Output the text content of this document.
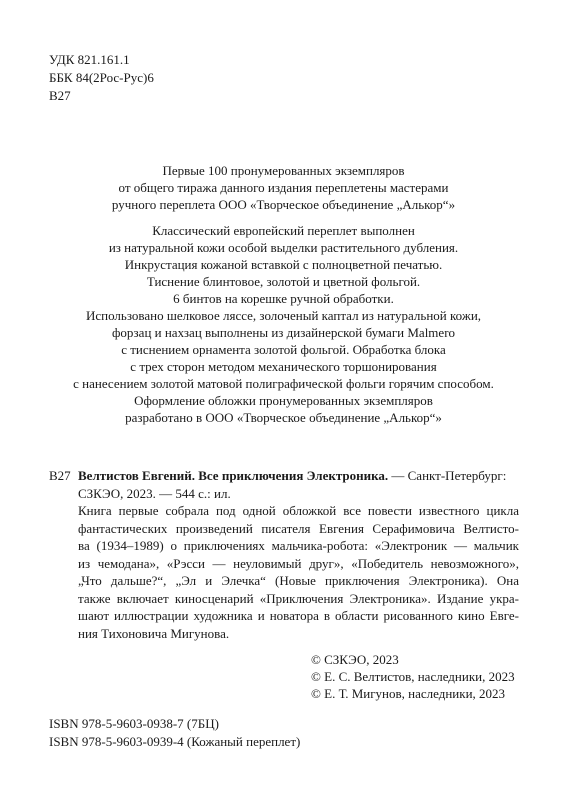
УДК 821.161.1
ББК 84(2Рос-Рус)6
В27
Первые 100 пронумерованных экземпляров
от общего тиража данного издания переплетены мастерами
ручного переплета ООО «Творческое объединение „Алькор“»
Классический европейский переплет выполнен
из натуральной кожи особой выделки растительного дубления.
Инкрустация кожаной вставкой с полноцветной печатью.
Тиснение блинтовое, золотой и цветной фольгой.
6 бинтов на корешке ручной обработки.
Использовано шелковое ляссе, золоченый каптал из натуральной кожи,
форзац и нахзац выполнены из дизайнерской бумаги Malmero
с тиснением орнамента золотой фольгой. Обработка блока
с трех сторон методом механического торшонирования
с нанесением золотой матовой полиграфической фольги горячим способом.
Оформление обложки пронумерованных экземпляров
разработано в ООО «Творческое объединение „Алькор“»
В27 Велтистов Евгений. Все приключения Электроника. — Санкт-Петербург:
СЗКЭО, 2023. — 544 с.: ил.
Книга первые собрала под одной обложкой все повести известного цикла
фантастических произведений писателя Евгения Серафимовича Велтисто-
ва (1934–1989) о приключениях мальчика-робота: «Электроник — мальчик
из чемодана», «Рэсси — неуловимый друг», «Победитель невозможного»,
„Что дальше?“, „Эл и Элечка“ (Новые приключения Электроника). Она
также включает киносценарий «Приключения Электроника». Издание укра-
шают иллюстрации художника и новатора в области рисованного кино Евге-
ния Тихоновича Мигунова.
© СЗКЭО, 2023
© Е. С. Велтистов, наследники, 2023
© Е. Т. Мигунов, наследники, 2023
ISBN 978-5-9603-0938-7 (7БЦ)
ISBN 978-5-9603-0939-4 (Кожаный переплет)
